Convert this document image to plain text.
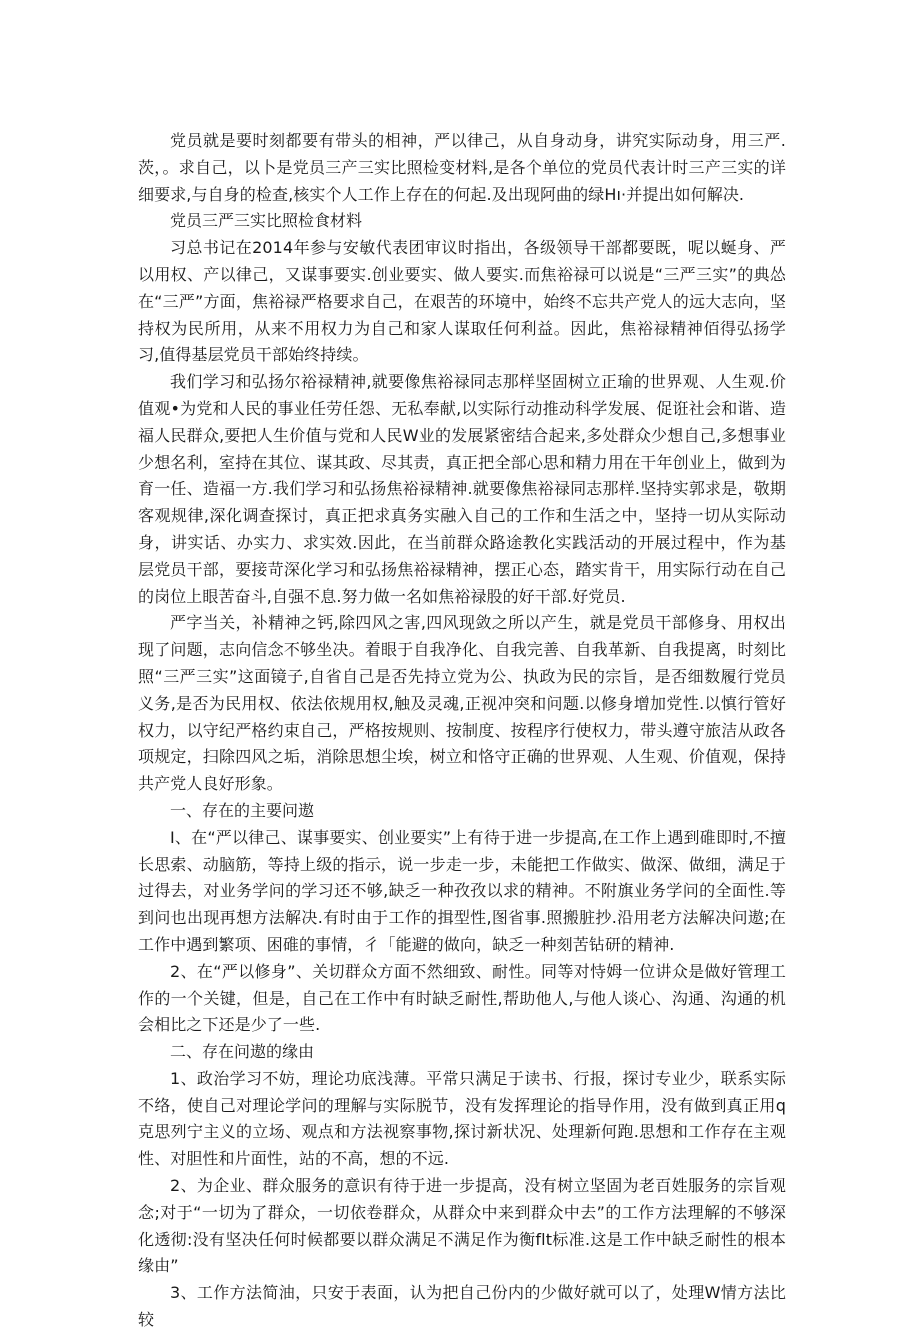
党员就是要时刻都要有带头的相神，严以律己，从自身动身，讲究实际动身，用三严.茨，。求自己，以卜是党员三产三实比照检变材料,是各个单位的党员代表计时三产三实的详细要求,与自身的检查,核实个人工作上存在的何起.及出现阿曲的绿Hı·并提出如何解决.

党员三严三实比照检食材料

习总书记在2014年参与安敏代表团审议时指出，各级领导干部都要既，呢以蜒身、严以用权、产以律己，又谋事要实.创业要实、做人要实.而焦裕禄可以说是“三严三实”的典怂在“三严”方面，焦裕禄严格要求自己，在艰苦的环境中，始终不忘共产党人的远大志向，坚持权为民所用，从来不用权力为自己和家人谋取任何利益。因此，焦裕禄精神佰得弘扬学习,值得基层党员干部始终持续。

我们学习和弘扬尔裕禄精神,就要像焦裕禄同志那样坚固树立正瑜的世界观、人生观.价值观•为党和人民的事业任劳任怨、无私奉献,以实际行动推动科学发展、促诳社会和谐、造福人民群众,要把人生价值与党和人民W业的发展紧密结合起来,多处群众少想自己,多想事业少想名利，室持在其位、谋其政、尽其责，真正把全部心思和精力用在干年创业上，做到为育一任、造福一方.我们学习和弘扬焦裕禄精神.就要像焦裕禄同志那样.坚持实郭求是，敬期客观规律,深化调查探讨，真正把求真务实融入自己的工作和生活之中，坚持一切从实际动身，讲实话、办实力、求实效.因此，在当前群众路途教化实践活动的开展过程中，作为基层党员干部，要接苛深化学习和弘扬焦裕禄精神，摆正心态，踏实肯干，用实际行动在自己的岗位上眼苦奋斗,自强不息.努力做一名如焦裕禄股的好干部.好党员.

严字当关，补精神之钙,除四风之害,四风现敛之所以产生，就是党员干部修身、用权出现了问题，志向信念不够坐决。着眼于自我净化、自我完善、自我革新、自我提离，时刻比照“三严三实”这面镜子,自省自己是否先持立党为公、执政为民的宗旨，是否细数履行党员义务,是否为民用权、依法依规用权,触及灵魂,正视冲突和问题.以修身增加党性.以慎行管好权力，以守纪严格约束自己，严格按规则、按制度、按程序行使权力，带头遵守旅洁从政各项规定，扫除四风之垢，消除思想尘埃，树立和恪守正确的世界观、人生观、价值观，保持共产党人良好形象。

一、存在的主要问遨

I、在“严以律己、谋事要实、创业要实”上有待于进一步提高,在工作上遇到碓即时,不擅长思索、动脑筋，等持上级的指示，说一步走一步，未能把工作做实、做深、做细，满足于过得去，对业务学问的学习还不够,缺乏一种孜孜以求的精神。不附旗业务学问的全面性.等到问也出现再想方法解决.有时由于工作的揖型性,图省事.照搬脏抄.沿用老方法解决问遨;在工作中遇到繁项、困碓的事情，彳「能避的做向，缺乏一种刻苦钻研的精神.

2、在“严以修身”、关切群众方面不然细致、耐性。同等对恃姆一位讲众是做好管理工作的一个关键，但是，自己在工作中有时缺乏耐性,帮助他人,与他人谈心、沟通、沟通的机会相比之下还是少了一些.

二、存在问遨的缘由

1、政治学习不妨，理论功底浅薄。平常只满足于读书、行报，探讨专业少，联系实际不络，使自己对理论学问的理解与实际脱节，没有发挥理论的指导作用，没有做到真正用q克思列宁主义的立场、观点和方法视察事物,探讨新状况、处理新何跑.思想和工作存在主观性、对胆性和片面性，站的不高，想的不远.

2、为企业、群众服务的意识有待于进一步提高，没有树立坚固为老百姓服务的宗旨观念;对于“一切为了群众，一切依卷群众，从群众中来到群众中去”的工作方法理解的不够深化透彻:没有坚决任何时候都要以群众满足不满足作为衡flt标准.这是工作中缺乏耐性的根本缘由”

3、工作方法简油，只安于表面，认为把自己份内的少做好就可以了，处理W情方法比较
